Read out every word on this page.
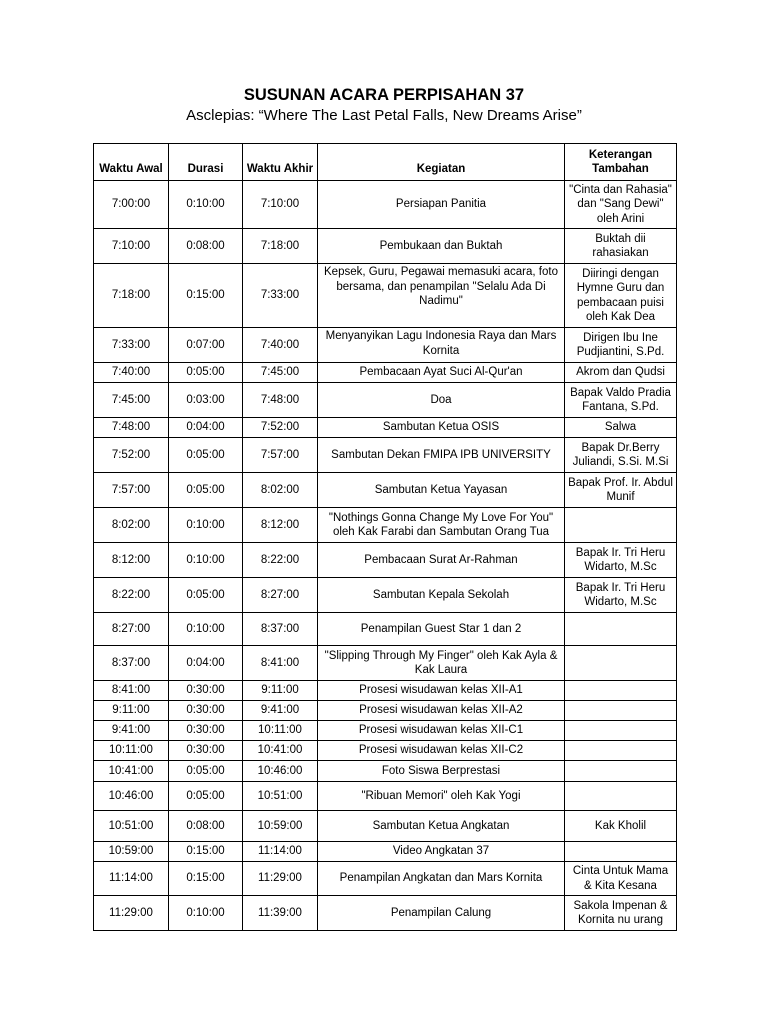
SUSUNAN ACARA PERPISAHAN 37
Asclepias: “Where The Last Petal Falls, New Dreams Arise”
Waktu Awal	Durasi	Waktu Akhir	Kegiatan	Keterangan Tambahan
7:00:00	0:10:00	7:10:00	Persiapan Panitia	"Cinta dan Rahasia" dan "Sang Dewi" oleh Arini
7:10:00	0:08:00	7:18:00	Pembukaan dan Buktah	Buktah dii rahasiakan
7:18:00	0:15:00	7:33:00	Kepsek, Guru, Pegawai memasuki acara, foto bersama, dan penampilan "Selalu Ada Di Nadimu"	Diiringi dengan Hymne Guru dan pembacaan puisi oleh Kak Dea
7:33:00	0:07:00	7:40:00	Menyanyikan Lagu Indonesia Raya dan Mars Kornita	Dirigen Ibu Ine Pudjiantini, S.Pd.
7:40:00	0:05:00	7:45:00	Pembacaan Ayat Suci Al-Qur'an	Akrom dan Qudsi
7:45:00	0:03:00	7:48:00	Doa	Bapak Valdo Pradia Fantana, S.Pd.
7:48:00	0:04:00	7:52:00	Sambutan Ketua OSIS	Salwa
7:52:00	0:05:00	7:57:00	Sambutan Dekan FMIPA IPB UNIVERSITY	Bapak Dr.Berry Juliandi, S.Si. M.Si
7:57:00	0:05:00	8:02:00	Sambutan Ketua Yayasan	Bapak Prof. Ir. Abdul Munif
8:02:00	0:10:00	8:12:00	"Nothings Gonna Change My Love For You" oleh Kak Farabi dan Sambutan Orang Tua	
8:12:00	0:10:00	8:22:00	Pembacaan Surat Ar-Rahman	Bapak Ir. Tri Heru Widarto, M.Sc
8:22:00	0:05:00	8:27:00	Sambutan Kepala Sekolah	Bapak Ir. Tri Heru Widarto, M.Sc
8:27:00	0:10:00	8:37:00	Penampilan Guest Star 1 dan 2	
8:37:00	0:04:00	8:41:00	"Slipping Through My Finger" oleh Kak Ayla & Kak Laura	
8:41:00	0:30:00	9:11:00	Prosesi wisudawan kelas XII-A1	
9:11:00	0:30:00	9:41:00	Prosesi wisudawan kelas XII-A2	
9:41:00	0:30:00	10:11:00	Prosesi wisudawan kelas XII-C1	
10:11:00	0:30:00	10:41:00	Prosesi wisudawan kelas XII-C2	
10:41:00	0:05:00	10:46:00	Foto Siswa Berprestasi	
10:46:00	0:05:00	10:51:00	"Ribuan Memori" oleh Kak Yogi	
10:51:00	0:08:00	10:59:00	Sambutan Ketua Angkatan	Kak Kholil
10:59:00	0:15:00	11:14:00	Video Angkatan 37	
11:14:00	0:15:00	11:29:00	Penampilan Angkatan dan Mars Kornita	Cinta Untuk Mama & Kita Kesana
11:29:00	0:10:00	11:39:00	Penampilan Calung	Sakola Impenan & Kornita nu urang
